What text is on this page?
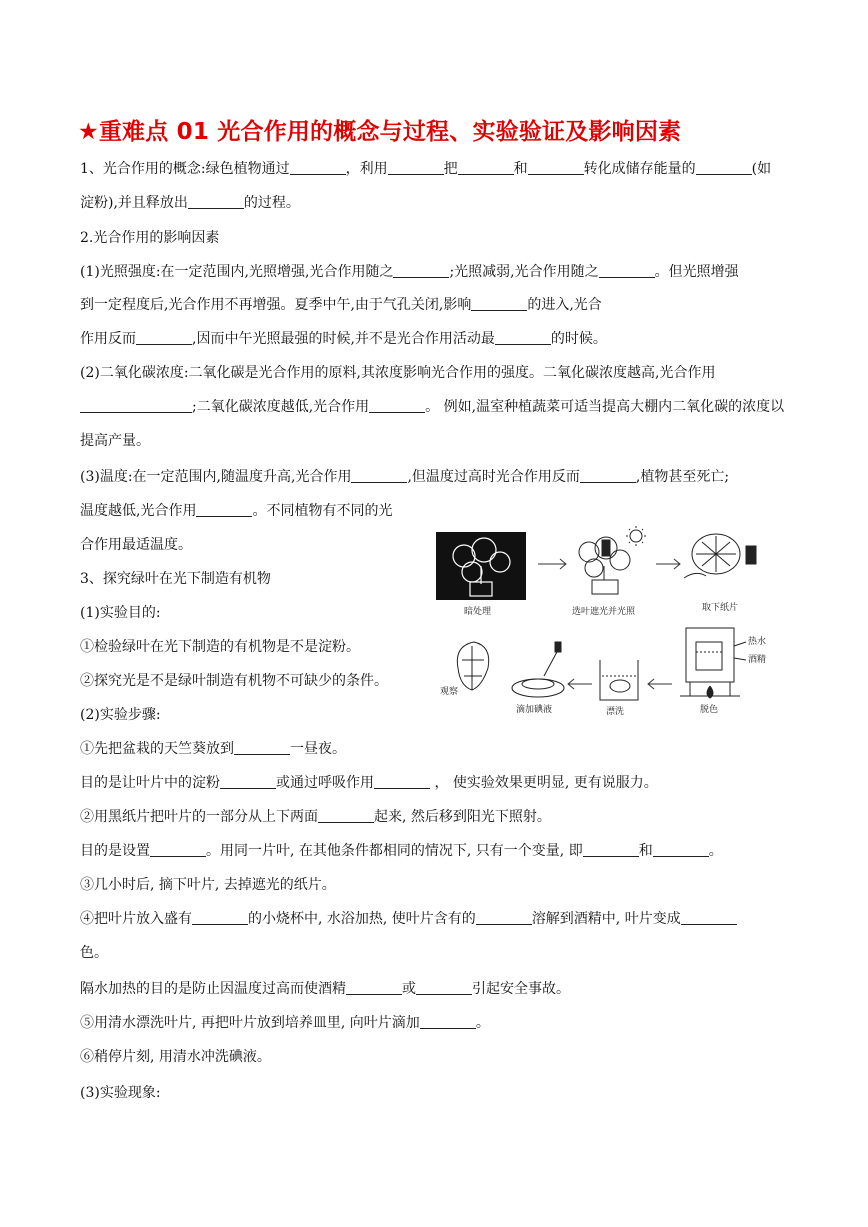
★重难点 01 光合作用的概念与过程、实验验证及影响因素
1、光合作用的概念:绿色植物通过	，利用	把	和	转化成储存能量的	(如
淀粉),并且释放出	的过程。
2.光合作用的影响因素
(1)光照强度:在一定范围内,光照增强,光合作用随之	;光照减弱,光合作用随之	。但光照增强
到一定程度后,光合作用不再增强。夏季中午,由于气孔关闭,影响	的进入,光合
作用反而	,因而中午光照最强的时候,并不是光合作用活动最	的时候。
(2)二氧化碳浓度:二氧化碳是光合作用的原料,其浓度影响光合作用的强度。二氧化碳浓度越高,光合作用
;二氧化碳浓度越低,光合作用	。 例如,温室种植蔬菜可适当提高大棚内二氧化碳的浓度以
提高产量。
(3)温度:在一定范围内,随温度升高,光合作用	,但温度过高时光合作用反而	,植物甚至死亡;
温度越低,光合作用	。不同植物有不同的光
合作用最适温度。
3、探究绿叶在光下制造有机物
(1)实验目的:
①检验绿叶在光下制造的有机物是不是淀粉。
②探究光是不是绿叶制造有机物不可缺少的条件。
(2)实验步骤:
①先把盆栽的天竺葵放到	一昼夜。
目的是让叶片中的淀粉	或通过呼吸作用	， 使实验效果更明显, 更有说服力。
②用黑纸片把叶片的一部分从上下两面	起来, 然后移到阳光下照射。
目的是设置	。用同一片叶, 在其他条件都相同的情况下, 只有一个变量, 即	和	。
③几小时后, 摘下叶片, 去掉遮光的纸片。
④把叶片放入盛有	的小烧杯中, 水浴加热, 使叶片含有的	溶解到酒精中, 叶片变成
色。
隔水加热的目的是防止因温度过高而使酒精	或	引起安全事故。
⑤用清水漂洗叶片, 再把叶片放到培养皿里, 向叶片滴加	。
⑥稍停片刻, 用清水冲洗碘液。
(3)实验现象:
暗处理	选叶遮光并光照	取下纸片
热水
酒精
脱色
漂洗
滴加碘液
观察
